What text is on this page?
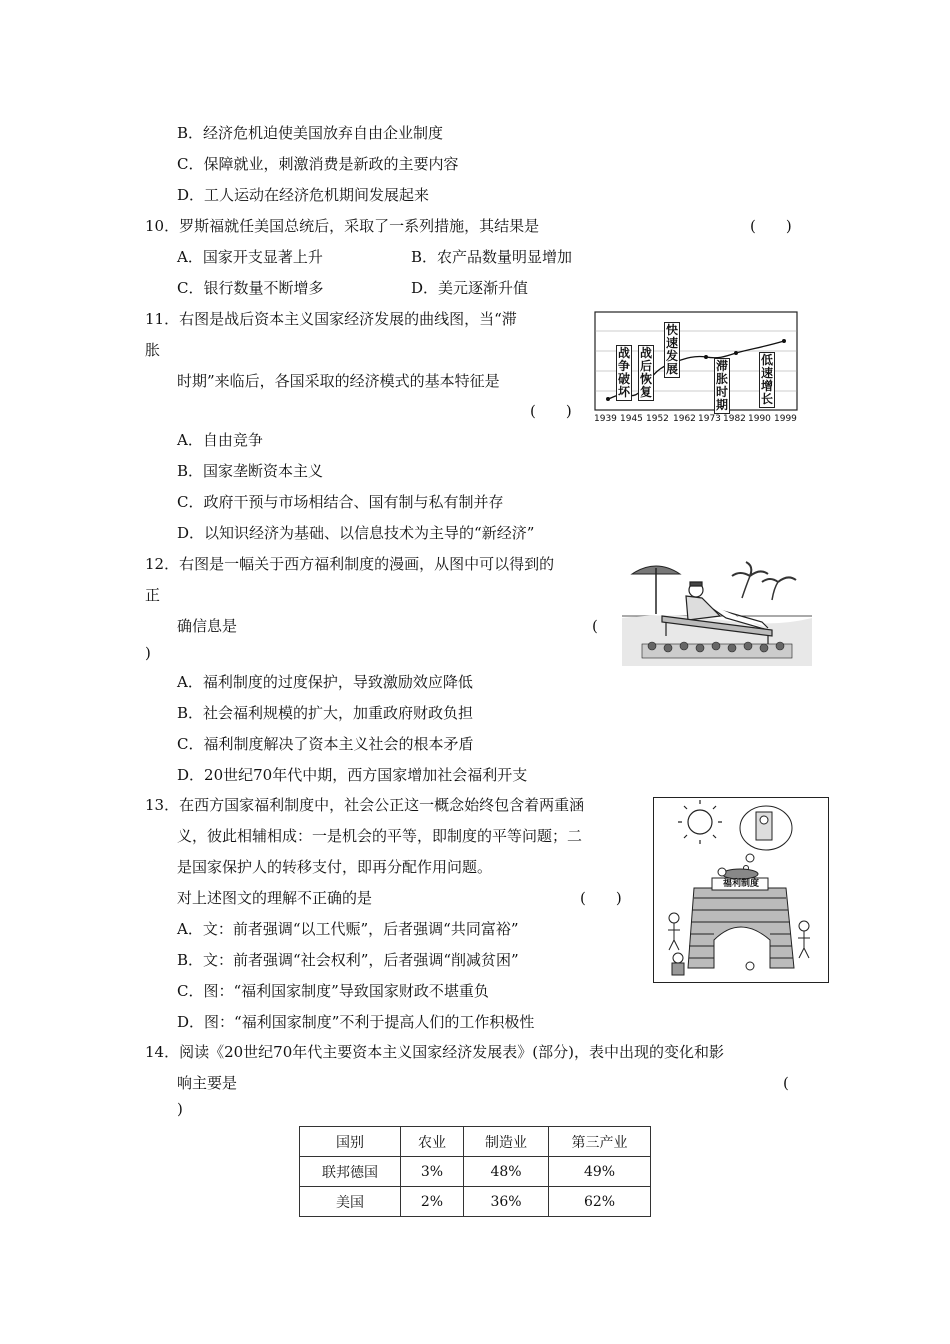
B．经济危机迫使美国放弃自由企业制度
C．保障就业，刺激消费是新政的主要内容
D．工人运动在经济危机期间发展起来
10．罗斯福就任美国总统后，采取了一系列措施，其结果是	(　　)
A．国家开支显著上升	B．农产品数量明显增加
C．银行数量不断增多	D．美元逐渐升值
11．右图是战后资本主义国家经济发展的曲线图，当“滞
胀
时期”来临后，各国采取的经济模式的基本特征是
(　　)
A．自由竞争
B．国家垄断资本主义
C．政府干预与市场相结合、国有制与私有制并存
D．以知识经济为基础、以信息技术为主导的“新经济”
战争破坏
战后恢复
快速发展	滞胀时期
低速增长
1939 1945 1952 1962 1973 1982 1990 1999
12．右图是一幅关于西方福利制度的漫画，从图中可以得到的
正
确信息是	(
)
A．福利制度的过度保护，导致激励效应降低
B．社会福利规模的扩大，加重政府财政负担
C．福利制度解决了资本主义社会的根本矛盾
D．20世纪70年代中期，西方国家增加社会福利开支
13．在西方国家福利制度中，社会公正这一概念始终包含着两重涵
义，彼此相辅相成：一是机会的平等，即制度的平等问题；二
是国家保护人的转移支付，即再分配作用问题。
对上述图文的理解不正确的是	(　　)
A．文：前者强调“以工代赈”，后者强调“共同富裕”
B．文：前者强调“社会权利”，后者强调“削减贫困”
C．图：“福利国家制度”导致国家财政不堪重负
D．图：“福利国家制度”不利于提高人们的工作积极性
福利制度
14．阅读《20世纪70年代主要资本主义国家经济发展表》(部分)，表中出现的变化和影
响主要是	(
)
国别	农业	制造业	第三产业
联邦德国	3%	48%	49%
美国	2%	36%	62%
